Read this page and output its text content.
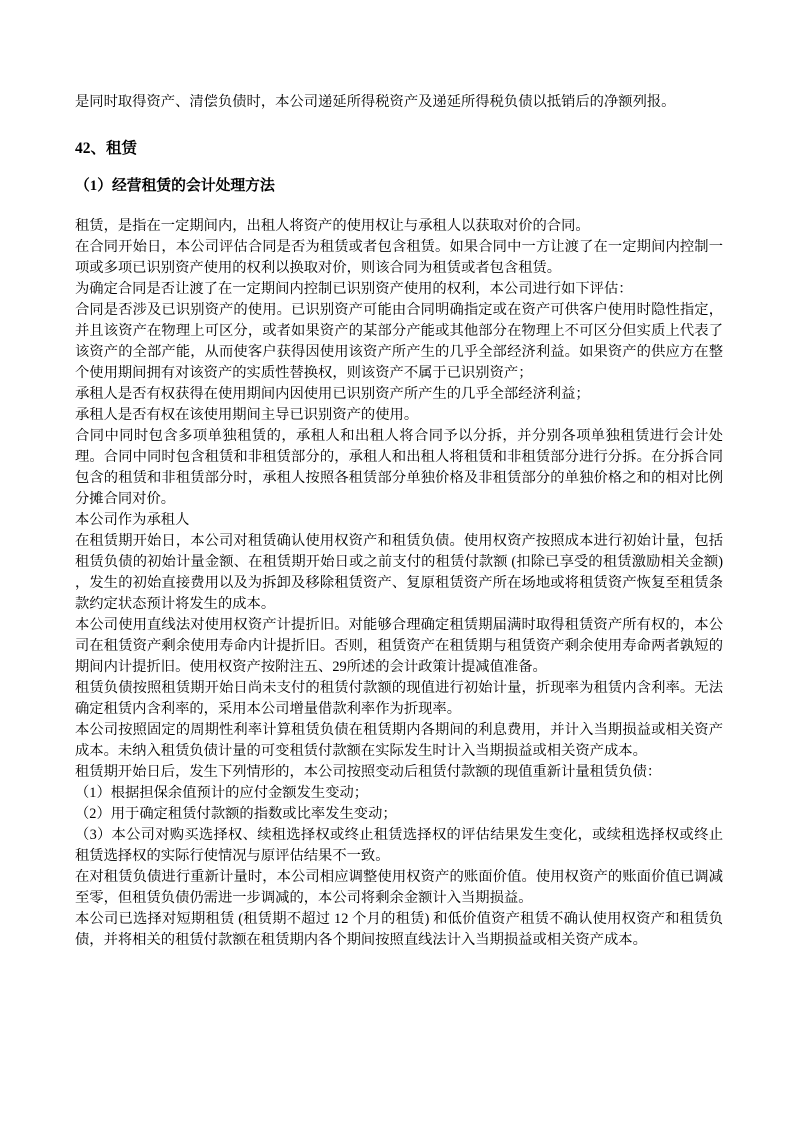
是同时取得资产、清偿负债时，本公司递延所得税资产及递延所得税负债以抵销后的净额列报。

42、租赁
（1）经营租赁的会计处理方法

租赁，是指在一定期间内，出租人将资产的使用权让与承租人以获取对价的合同。

在合同开始日，本公司评估合同是否为租赁或者包含租赁。如果合同中一方让渡了在一定期间内控制一项或多项已识别资产使用的权利以换取对价，则该合同为租赁或者包含租赁。

为确定合同是否让渡了在一定期间内控制已识别资产使用的权利，本公司进行如下评估：

合同是否涉及已识别资产的使用。已识别资产可能由合同明确指定或在资产可供客户使用时隐性指定，并且该资产在物理上可区分，或者如果资产的某部分产能或其他部分在物理上不可区分但实质上代表了该资产的全部产能，从而使客户获得因使用该资产所产生的几乎全部经济利益。如果资产的供应方在整个使用期间拥有对该资产的实质性替换权，则该资产不属于已识别资产；

承租人是否有权获得在使用期间内因使用已识别资产所产生的几乎全部经济利益；

承租人是否有权在该使用期间主导已识别资产的使用。

合同中同时包含多项单独租赁的，承租人和出租人将合同予以分拆，并分别各项单独租赁进行会计处理。合同中同时包含租赁和非租赁部分的，承租人和出租人将租赁和非租赁部分进行分拆。在分拆合同包含的租赁和非租赁部分时，承租人按照各租赁部分单独价格及非租赁部分的单独价格之和的相对比例分摊合同对价。

本公司作为承租人

在租赁期开始日，本公司对租赁确认使用权资产和租赁负债。使用权资产按照成本进行初始计量，包括租赁负债的初始计量金额、在租赁期开始日或之前支付的租赁付款额 (扣除已享受的租赁激励相关金额) ，发生的初始直接费用以及为拆卸及移除租赁资产、复原租赁资产所在场地或将租赁资产恢复至租赁条款约定状态预计将发生的成本。

本公司使用直线法对使用权资产计提折旧。对能够合理确定租赁期届满时取得租赁资产所有权的，本公司在租赁资产剩余使用寿命内计提折旧。否则，租赁资产在租赁期与租赁资产剩余使用寿命两者孰短的期间内计提折旧。使用权资产按附注五、29所述的会计政策计提减值准备。

租赁负债按照租赁期开始日尚未支付的租赁付款额的现值进行初始计量，折现率为租赁内含利率。无法确定租赁内含利率的，采用本公司增量借款利率作为折现率。

本公司按照固定的周期性利率计算租赁负债在租赁期内各期间的利息费用，并计入当期损益或相关资产成本。未纳入租赁负债计量的可变租赁付款额在实际发生时计入当期损益或相关资产成本。

租赁期开始日后，发生下列情形的，本公司按照变动后租赁付款额的现值重新计量租赁负债：

（1）根据担保余值预计的应付金额发生变动；

（2）用于确定租赁付款额的指数或比率发生变动；

（3）本公司对购买选择权、续租选择权或终止租赁选择权的评估结果发生变化，或续租选择权或终止租赁选择权的实际行使情况与原评估结果不一致。

在对租赁负债进行重新计量时，本公司相应调整使用权资产的账面价值。使用权资产的账面价值已调减至零，但租赁负债仍需进一步调减的，本公司将剩余金额计入当期损益。

本公司已选择对短期租赁 (租赁期不超过 12 个月的租赁) 和低价值资产租赁不确认使用权资产和租赁负债，并将相关的租赁付款额在租赁期内各个期间按照直线法计入当期损益或相关资产成本。
